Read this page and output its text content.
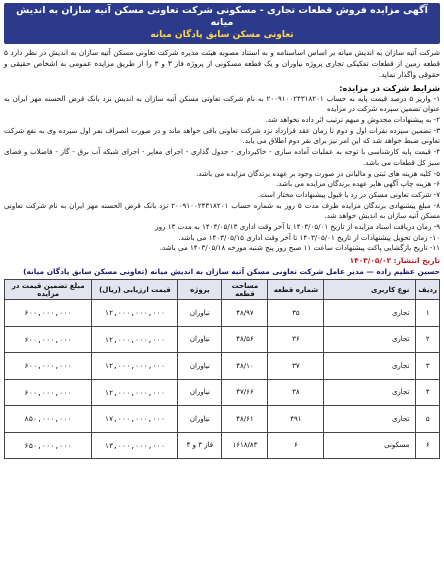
آگهی مزایده فروش قطعات تجاری - مسکونی شرکت تعاونی مسکن آتیه سازان به اندیش میانه
تعاونی مسکن سابق پادگان میانه

شرکت آتیه سازان به اندیش میانه بر اساس اساسنامه و به استناد مصوبه هیئت مدیره شرکت تعاونی مسکن آتیه سازان به اندیش در نظر دارد ۵ قطعه زمین از قطعات تفکیکی تجاری پروژه نیاوران و یک قطعه مسکونی از پروژه فاز ۳ و ۴ را از طریق مزایده عمومی به اشخاص حقیقی و حقوقی واگذار نماید.

شرایط شرکت در مزایده:
۱- واریز ۵ درصد قیمت پایه به حساب ۲۰۰۹۱۰۰۲۴۳۱۸۲۰۱ به نام شرکت تعاونی مسکن آتیه سازان به اندیش نزد بانک قرض الحسنه مهر ایران به عنوان تضمین سپرده شرکت در مزایده
۲- به پیشنهادات مخدوش و مبهم ترتیب اثر داده نخواهد شد.
۳- تضمین سپرده نفرات اول و دوم تا زمان عقد قرارداد نزد شرکت تعاونی باقی خواهد ماند و در صورت انصراف نفر اول سپرده وی به نفع شرکت تعاونی ضبط خواهد شد که این امر نیز برای نفر دوم اطلاق می یابد.
۴- قیمت پایه کارشناسی با توجه به عملیات آماده سازی - خاکبرداری - جدول گذاری - اجرای معابر - اجرای شبکه آب برق - گاز - فاضلاب و فضای سبز کل قطعات می باشد.
۵- کلیه هزینه های ثبتی و مالیاتی در صورت وجود بر عهده برندگان مزایده می باشد.
۶- هزینه چاپ آگهی هابر عهده برندگان مزایده می باشد.
۷- شرکت تعاونی مسکن در رد یا قبول پیشنهادات مختار است.
۸- مبلغ پیشنهادی برندگان مزایده ظرف مدت ۵ روز به شماره حساب ۲۰۰۹۱۰۰۲۴۳۱۸۲۰۱ نزد بانک قرض الحسنه مهر ایران به نام شرکت تعاونی مسکن آتیه سازان به اندیش خواهد شد.
۹- زمان دریافت اسناد مزایده از تاریخ ۱۴۰۳/۰۵/۰۱ تا آخر وقت اداری ۱۴۰۳/۰۵/۱۳ به مدت ۱۳ روز
۱۰- زمان تحویل پیشنهادات از تاریخ ۱۴۰۳/۰۵/۰۱ تا آخر وقت اداری ۱۴۰۳/۰۵/۱۵ می باشد.
۱۱- تاریخ بازگشایی پاکت پیشنهادات ساعت ۱۱ صبح روز پنج شنبه مورخه ۱۴۰۳/۰۵/۱۸ می باشد.
تاریخ انتشار: ۱۴۰۳/۰۵/۰۲
حسین عظیم زاده — مدیر عامل شرکت تعاونی مسکن آتیه سازان به اندیش میانه (تعاونی مسکن سابق پادگان میانه)
ردیف	نوع کاربری	شماره قطعه	مساحت قطعه	پروژه	قیمت ارزیابی (ریال)	مبلغ تضمین قیمت در مزایده
۱	تجاری	۳۵	۴۸/۹۷	نیاوران	۱۲,۰۰۰,۰۰۰,۰۰۰	۶۰۰,۰۰۰,۰۰۰
۲	تجاری	۳۶	۴۸/۵۶	نیاوران	۱۲,۰۰۰,۰۰۰,۰۰۰	۶۰۰,۰۰۰,۰۰۰
۳	تجاری	۳۷	۴۸/۱۰	نیاوران	۱۲,۰۰۰,۰۰۰,۰۰۰	۶۰۰,۰۰۰,۰۰۰
۴	تجاری	۳۸	۴۷/۶۶	نیاوران	۱۲,۰۰۰,۰۰۰,۰۰۰	۶۰۰,۰۰۰,۰۰۰
۵	تجاری	۴۹۱	۴۸/۶۱	نیاوران	۱۷,۰۰۰,۰۰۰,۰۰۰	۸۵۰,۰۰۰,۰۰۰
۶	مسکونی	۶	۱۶۱۸/۸۳	فاز ۳ و ۴	۱۳,۰۰۰,۰۰۰,۰۰۰	۶۵۰,۰۰۰,۰۰۰
